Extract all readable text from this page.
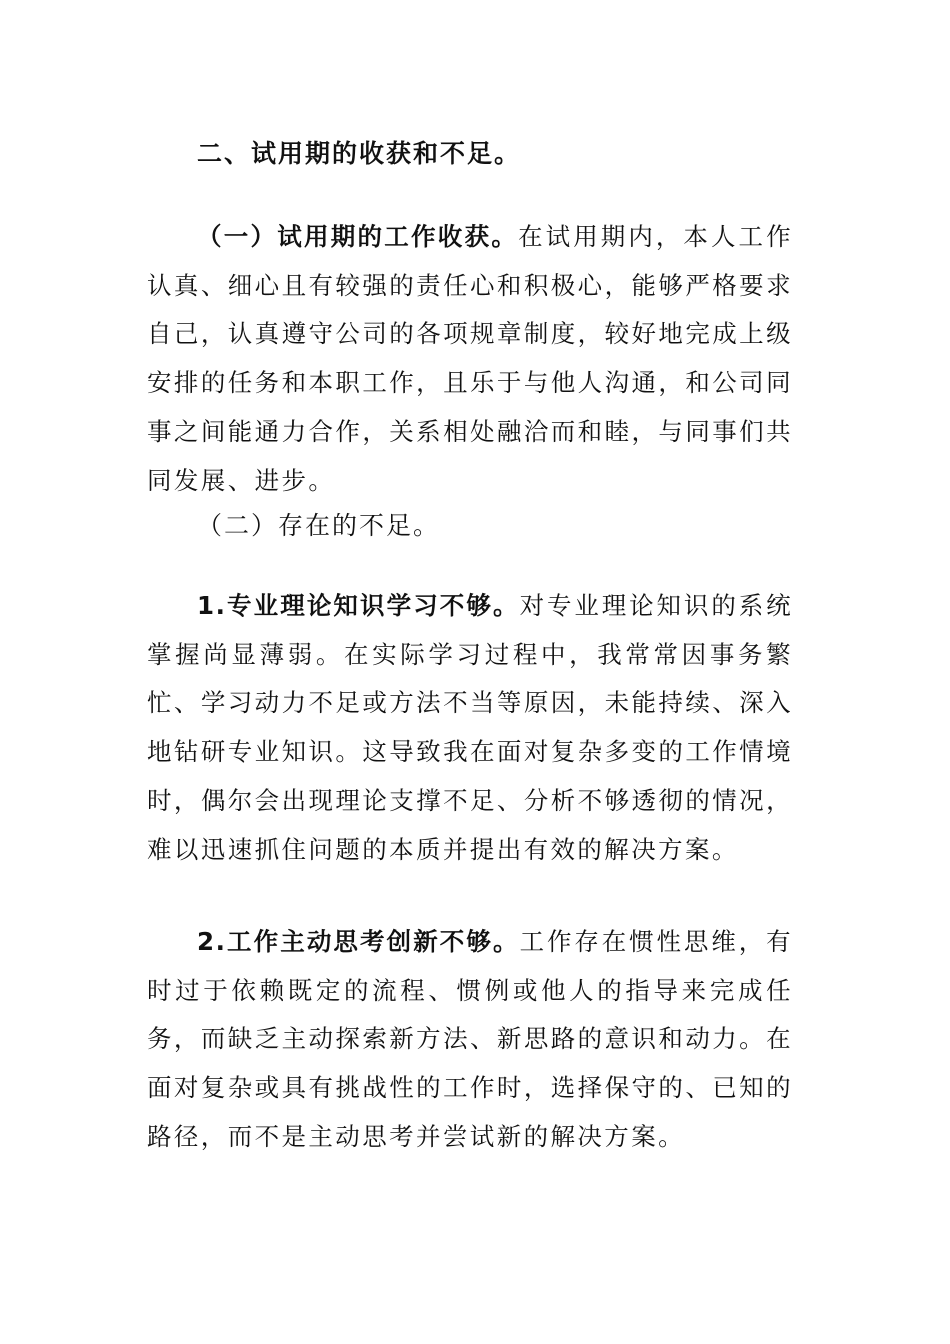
二、试用期的收获和不足。

（一）试用期的工作收获。在试用期内，本人工作认真、细心且有较强的责任心和积极心，能够严格要求自己，认真遵守公司的各项规章制度，较好地完成上级安排的任务和本职工作，且乐于与他人沟通，和公司同事之间能通力合作，关系相处融洽而和睦，与同事们共同发展、进步。

（二）存在的不足。

1.专业理论知识学习不够。对专业理论知识的系统掌握尚显薄弱。在实际学习过程中，我常常因事务繁忙、学习动力不足或方法不当等原因，未能持续、深入地钻研专业知识。这导致我在面对复杂多变的工作情境时，偶尔会出现理论支撑不足、分析不够透彻的情况，难以迅速抓住问题的本质并提出有效的解决方案。

2.工作主动思考创新不够。工作存在惯性思维，有时过于依赖既定的流程、惯例或他人的指导来完成任务，而缺乏主动探索新方法、新思路的意识和动力。在面对复杂或具有挑战性的工作时，选择保守的、已知的路径，而不是主动思考并尝试新的解决方案。
